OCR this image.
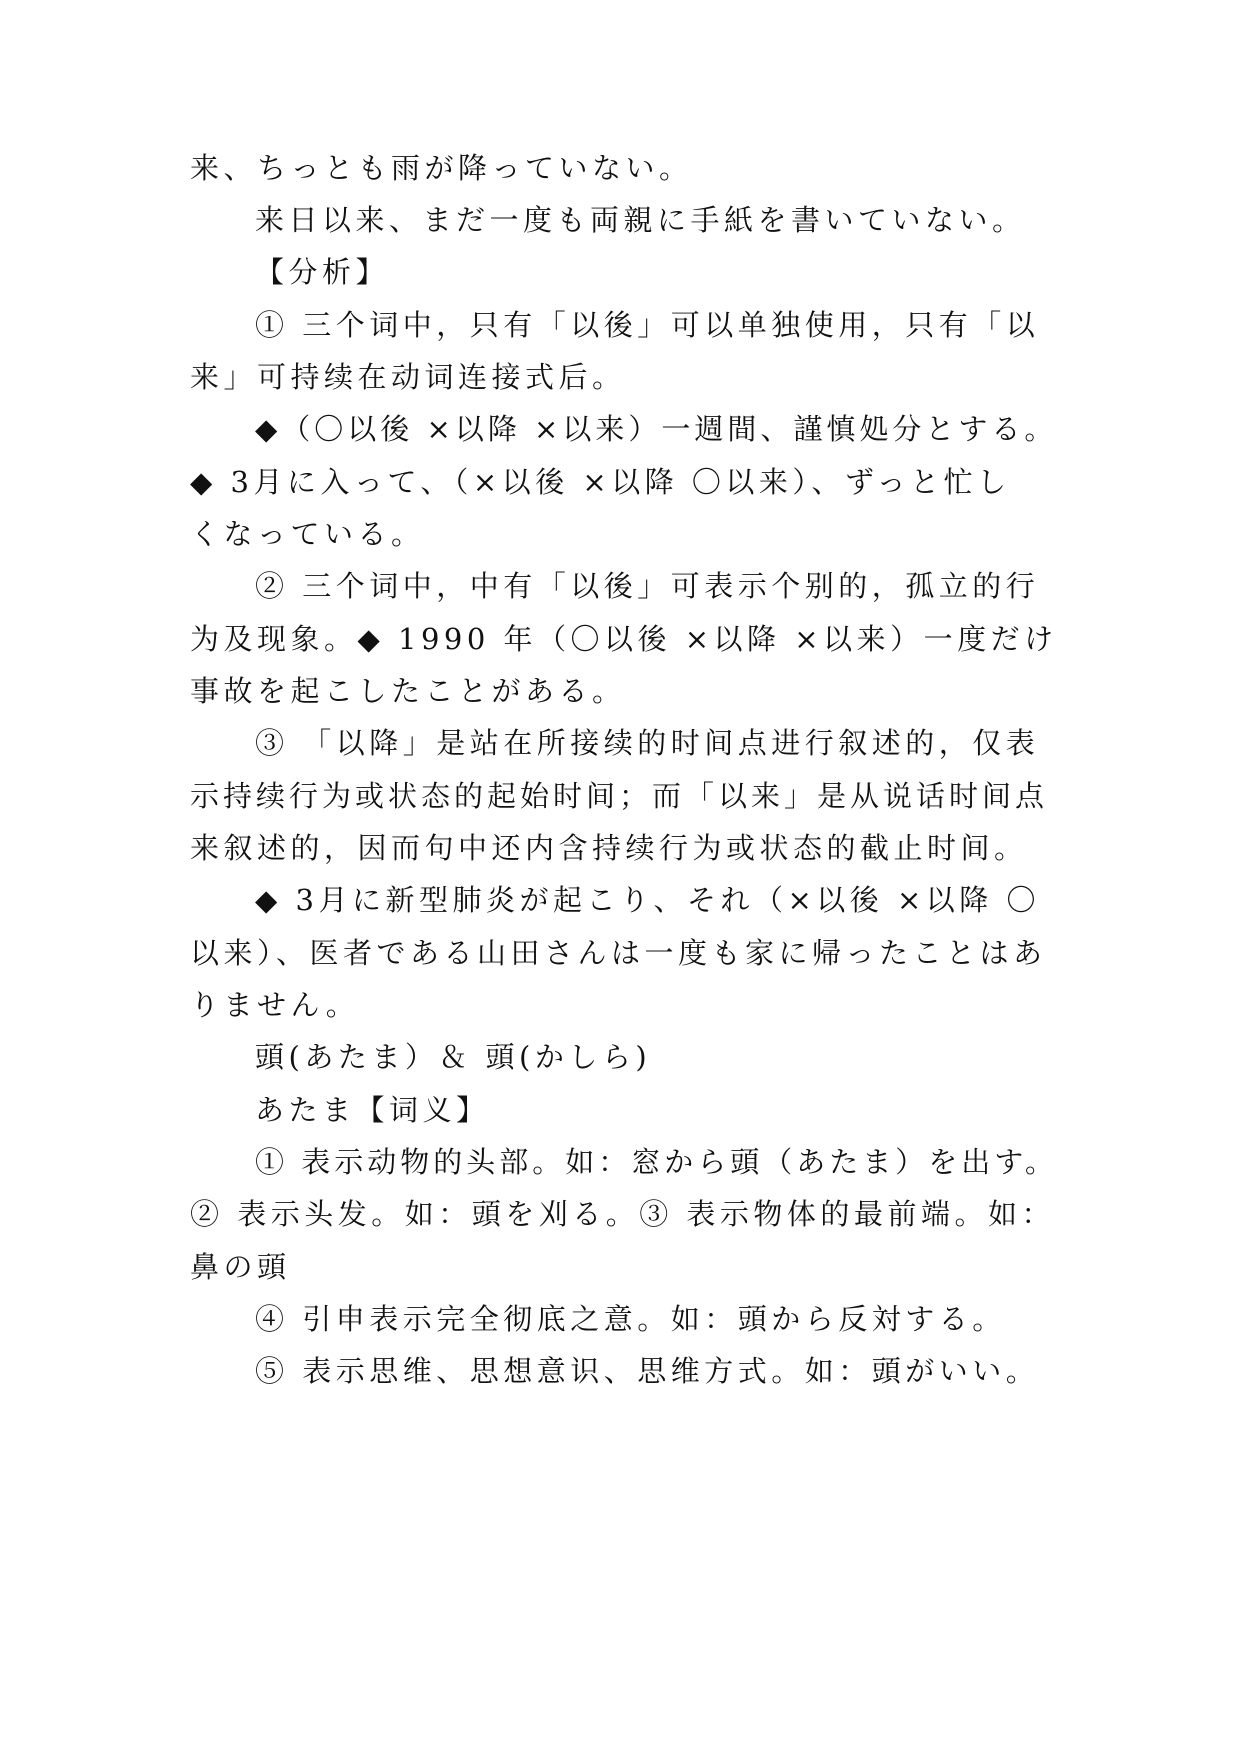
来、ちっとも雨が降っていない。

来日以来、まだ一度も両親に手紙を書いていない。

【分析】

① 三个词中，只有「以後」可以单独使用，只有「以

来」可持续在动词连接式后。

◆（〇以後 ×以降 ×以来）一週間、謹慎処分とする。

◆ 3月に入って、（×以後 ×以降 〇以来）、ずっと忙し

くなっている。

② 三个词中，中有「以後」可表示个别的，孤立的行

为及现象。◆ 1990 年（〇以後 ×以降 ×以来）一度だけ

事故を起こしたことがある。

③ 「以降」是站在所接续的时间点进行叙述的，仅表

示持续行为或状态的起始时间；而「以来」是从说话时间点

来叙述的，因而句中还内含持续行为或状态的截止时间。

◆ 3月に新型肺炎が起こり、それ（×以後 ×以降 〇

以来）、医者である山田さんは一度も家に帰ったことはあ

りません。

頭(あたま）＆ 頭(かしら)

あたま【词义】

① 表示动物的头部。如：窓から頭（あたま）を出す。

② 表示头发。如：頭を刈る。③ 表示物体的最前端。如：

鼻の頭

④ 引申表示完全彻底之意。如：頭から反対する。

⑤ 表示思维、思想意识、思维方式。如：頭がいい。
